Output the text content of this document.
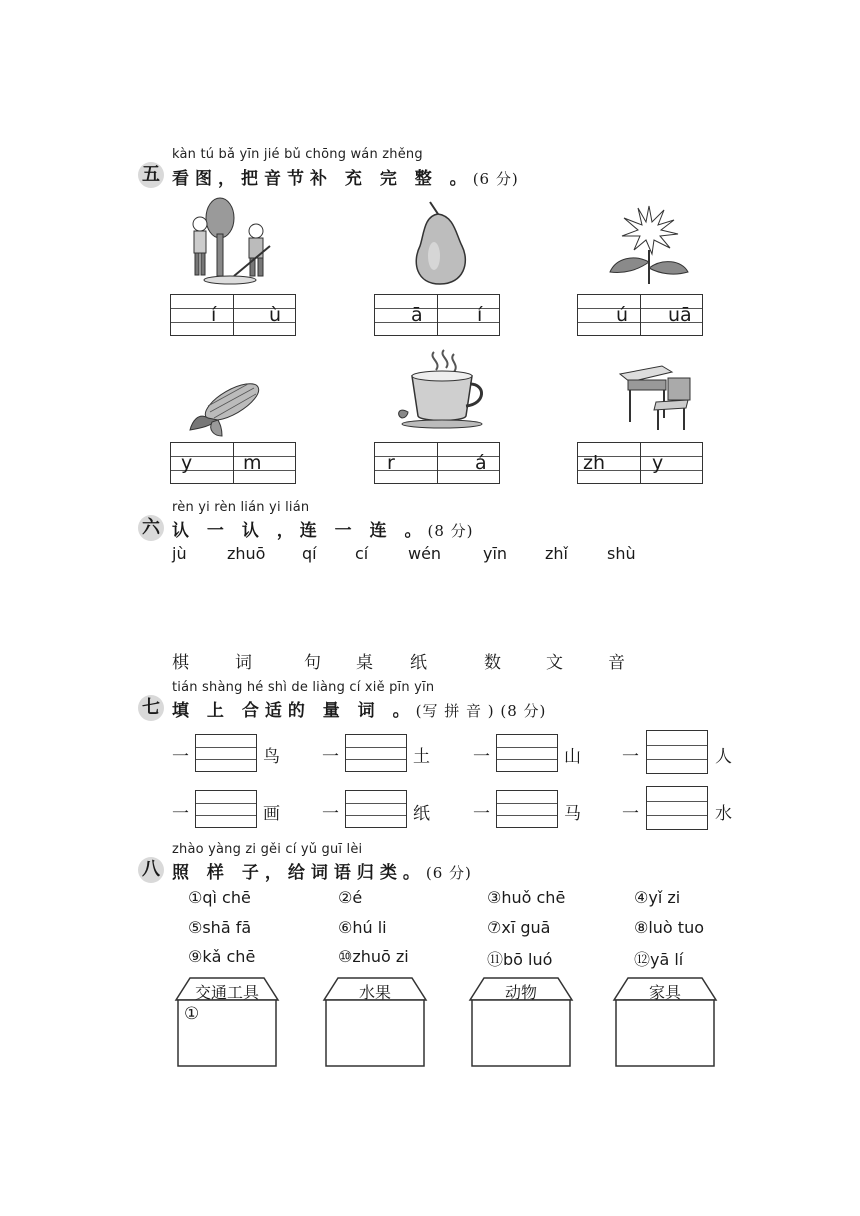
kàn tú bǎ yīn jié bǔ chōng wán zhěng
五 看图，把音节补 充 完 整 。(6 分)
í	ù	ā	í	ú uā
y	m	r	á	zh y
rèn yi rèn lián yi lián
六 认 一 认 ，连 一 连 。(8 分)
jù	zhuō qí cí wén	yīn zhǐ shù
棋	词	句 桌 纸	数	文	音
tián shàng hé shì de liàng cí xiě pīn yīn
七 填 上 合适的 量 词 。(写 拼 音 ) (8 分)
一	鸟 一	土	一	山 一	人
一	画 一	纸	一	马 一	水
zhào yàng zi gěi cí yǔ guī lèi
八 照 样 子，给词语归类。(6 分)
①qì chē	②é	③huǒ chē	④yǐ zi
⑤shā fā	⑥hú li	⑦xī guā	⑧luò tuo
⑨kǎ chē	⑩zhuō zi	⑪bō luó	⑫yā lí
交通工具
①
水果	动物	家具
